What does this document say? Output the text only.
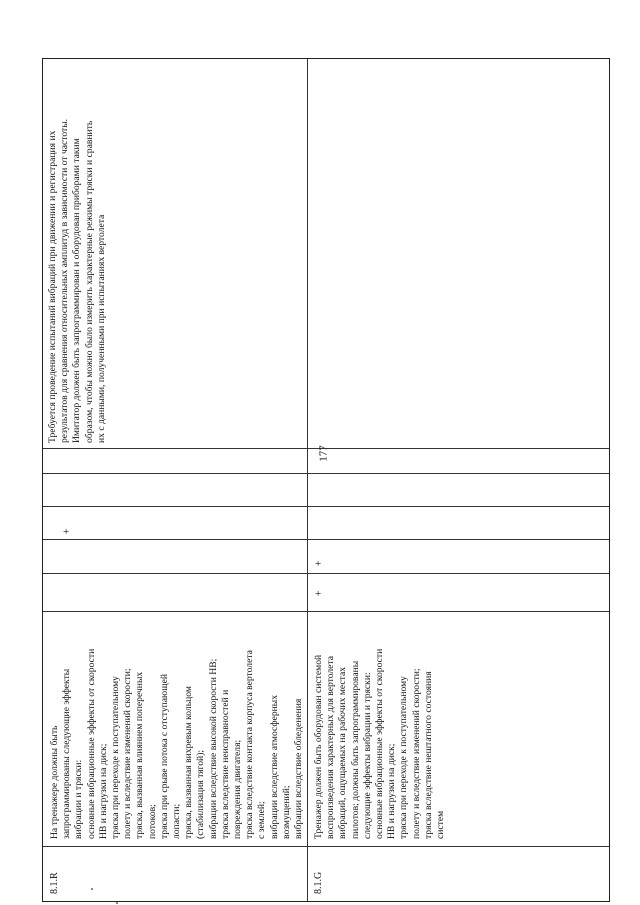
177
8.1.R
На тренажере должны быть
запрограммированы следующие эффекты
вибрации и тряски:
основные вибрационные эффекты от скорости
НВ и нагрузки на диск;
тряска при переходе к поступательному
полету и вследствие изменений скорости;
тряска, вызванная влиянием поперечных
потоков;
тряска при срыве потока с отступающей
лопасти;
тряска, вызванная вихревым кольцом
(стабилизация тягой);
вибрации вследствие высокой скорости НВ;
тряска вследствие неисправностей и
повреждения двигателя;
тряска вследствие контакта корпуса вертолета
с землей;
вибрации вследствие атмосферных
возмущений;
вибрации вследствие обледенения
+
Требуется проведение испытаний вибраций при движении и регистрация их
результатов для сравнения относительных амплитуд в зависимости от частоты.
Имитатор должен быть запрограммирован и оборудован приборами таким
образом, чтобы можно было измерить характерные режимы тряски и сравнить
их с данными, полученными при испытаниях вертолета
8.1.G
Тренажер должен быть оборудован системой
воспроизведения характерных для вертолета
вибраций, ощущаемых на рабочих местах
пилотов; должны быть запрограммированы
следующие эффекты вибрации и тряски:
основные вибрационные эффекты от скорости
НВ и нагрузки на диск;
тряска при переходе к поступательному
полету и вследствие изменений скорости;
тряска вследствие нештатного состояния
систем
+
+
